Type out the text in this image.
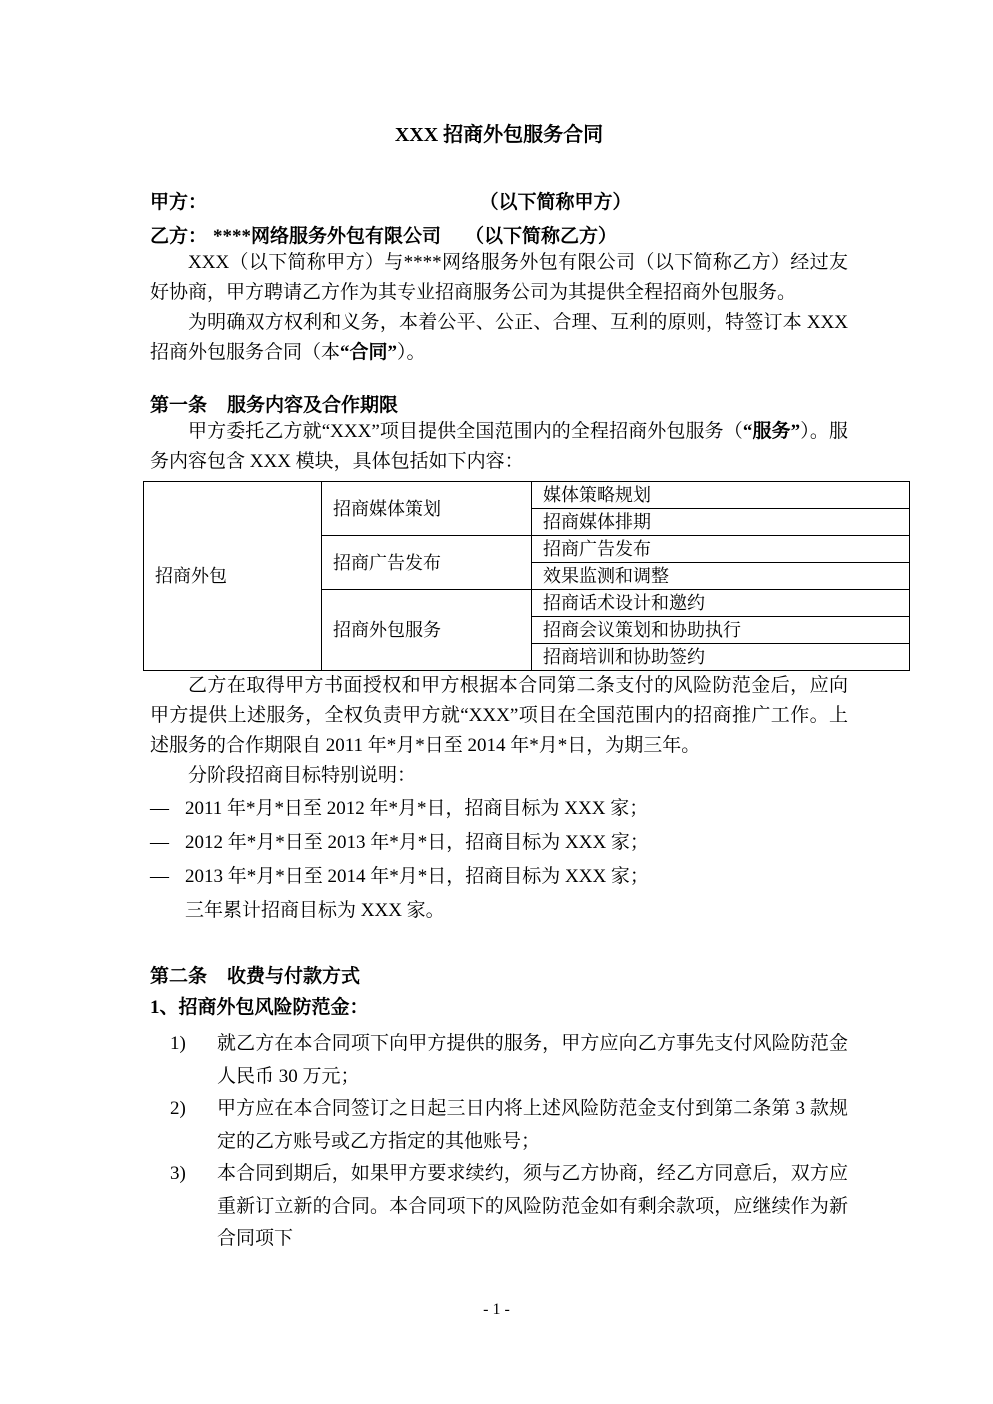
XXX 招商外包服务合同
甲方：	（以下简称甲方）
乙方： ****网络服务外包有限公司 （以下简称乙方）

XXX（以下简称甲方）与****网络服务外包有限公司（以下简称乙方）经过友好协商，甲方聘请乙方作为其专业招商服务公司为其提供全程招商外包服务。

为明确双方权利和义务，本着公平、公正、合理、互利的原则，特签订本 XXX 招商外包服务合同（本“合同”）。

第一条 服务内容及合作期限

甲方委托乙方就“XXX”项目提供全国范围内的全程招商外包服务（“服务”）。服务内容包含 XXX 模块，具体包括如下内容：

招商外包	招商媒体策划	媒体策略规划
		招商媒体排期
	招商广告发布	招商广告发布
		效果监测和调整
	招商外包服务	招商话术设计和邀约
		招商会议策划和协助执行
		招商培训和协助签约

乙方在取得甲方书面授权和甲方根据本合同第二条支付的风险防范金后，应向甲方提供上述服务，全权负责甲方就“XXX”项目在全国范围内的招商推广工作。上述服务的合作期限自 2011 年*月*日至 2014 年*月*日，为期三年。

分阶段招商目标特别说明：

— 2011 年*月*日至 2012 年*月*日，招商目标为 XXX 家；
— 2012 年*月*日至 2013 年*月*日，招商目标为 XXX 家；
— 2013 年*月*日至 2014 年*月*日，招商目标为 XXX 家；

三年累计招商目标为 XXX 家。

第二条 收费与付款方式
1、招商外包风险防范金：
1) 就乙方在本合同项下向甲方提供的服务，甲方应向乙方事先支付风险防范金人民币 30 万元；
2) 甲方应在本合同签订之日起三日内将上述风险防范金支付到第二条第 3 款规定的乙方账号或乙方指定的其他账号；
3) 本合同到期后，如果甲方要求续约，须与乙方协商，经乙方同意后，双方应重新订立新的合同。本合同项下的风险防范金如有剩余款项，应继续作为新合同项下
- 1 -
